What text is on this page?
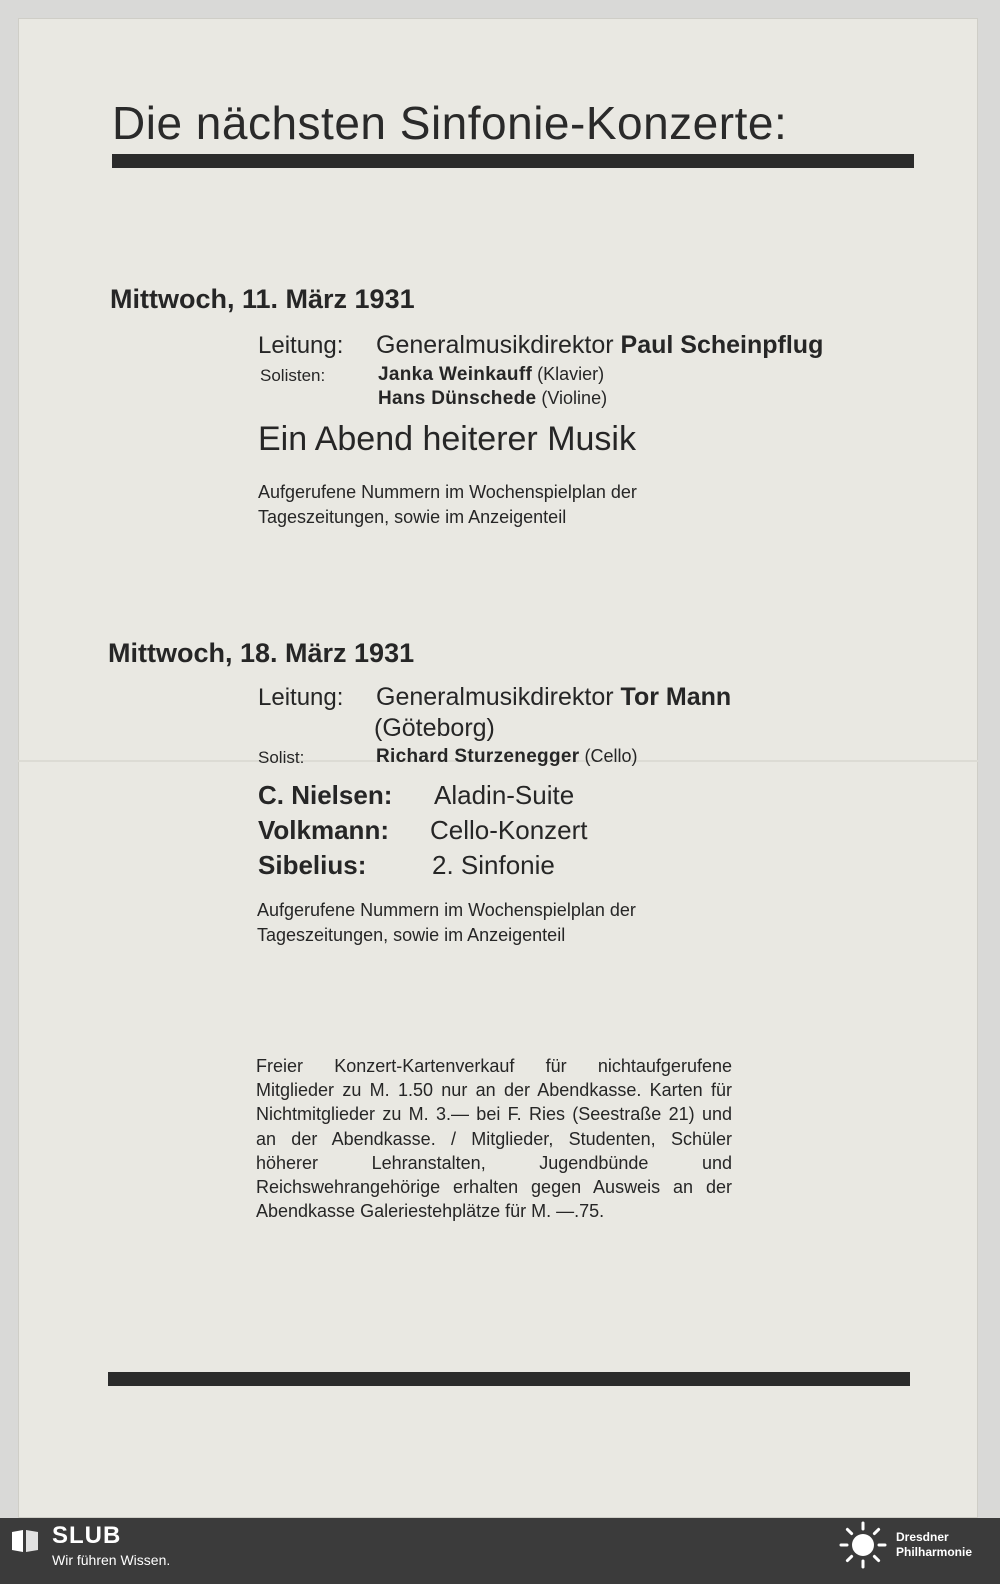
Die nächsten Sinfonie-Konzerte:
Mittwoch, 11. März 1931
Leitung: Generalmusikdirektor Paul Scheinpflug
Solisten:	Janka Weinkauff (Klavier)
Hans Dünschede (Violine)
Ein Abend heiterer Musik

Aufgerufene Nummern im Wochenspielplan der
Tageszeitungen, sowie im Anzeigenteil

Mittwoch, 18. März 1931
Leitung: Generalmusikdirektor Tor Mann
(Göteborg)
Solist:	Richard Sturzenegger (Cello)
C. Nielsen: Aladin-Suite
Volkmann: Cello-Konzert
Sibelius:	2. Sinfonie

Aufgerufene Nummern im Wochenspielplan der
Tageszeitungen, sowie im Anzeigenteil

Freier Konzert-Kartenverkauf für nichtaufgerufene Mitglieder zu M. 1.50 nur an der Abendkasse. Karten für Nichtmitglieder zu M. 3.— bei F. Ries (Seestraße 21) und an der Abendkasse. / Mitglieder, Studenten, Schüler höherer Lehranstalten, Jugendbünde und Reichswehrangehörige erhalten gegen Ausweis an der Abendkasse Galeriestehplätze für M. —.75.

SLUB
Wir führen Wissen.
Dresdner
Philharmonie
